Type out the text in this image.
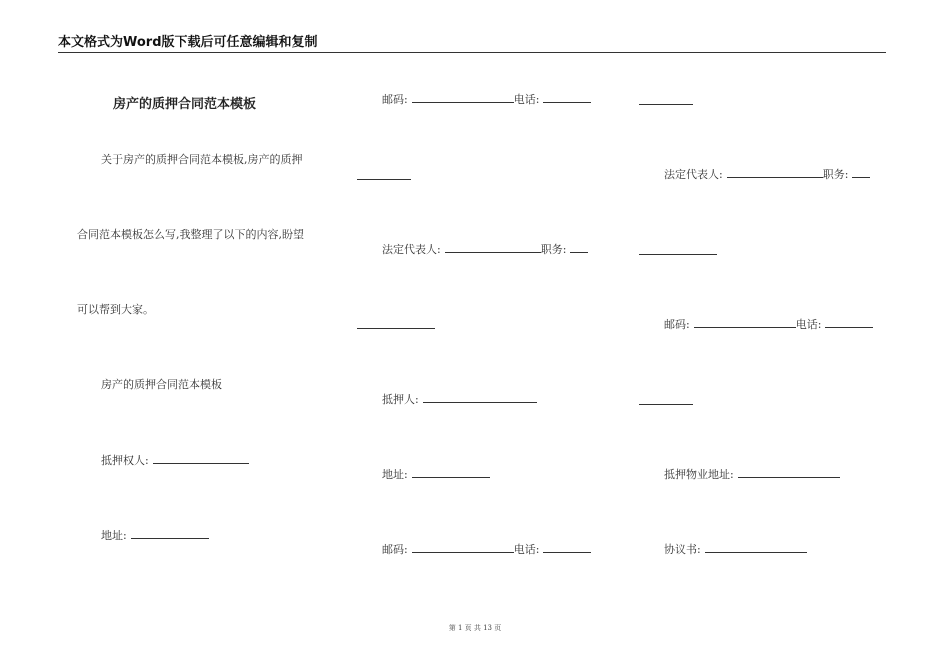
本文格式为Word版下载后可任意编辑和复制
房产的质押合同范本模板
关于房产的质押合同范本模板,房产的质押
合同范本模板怎么写,我整理了以下的内容,盼望
可以帮到大家。
房产的质押合同范本模板
抵押权人:
地址:
邮码:	电话:
法定代表人:	职务:
抵押人:
地址:
邮码:	电话:
法定代表人:	职务:
邮码:	电话:
抵押物业地址:
协议书:
第 1 页 共 13 页
